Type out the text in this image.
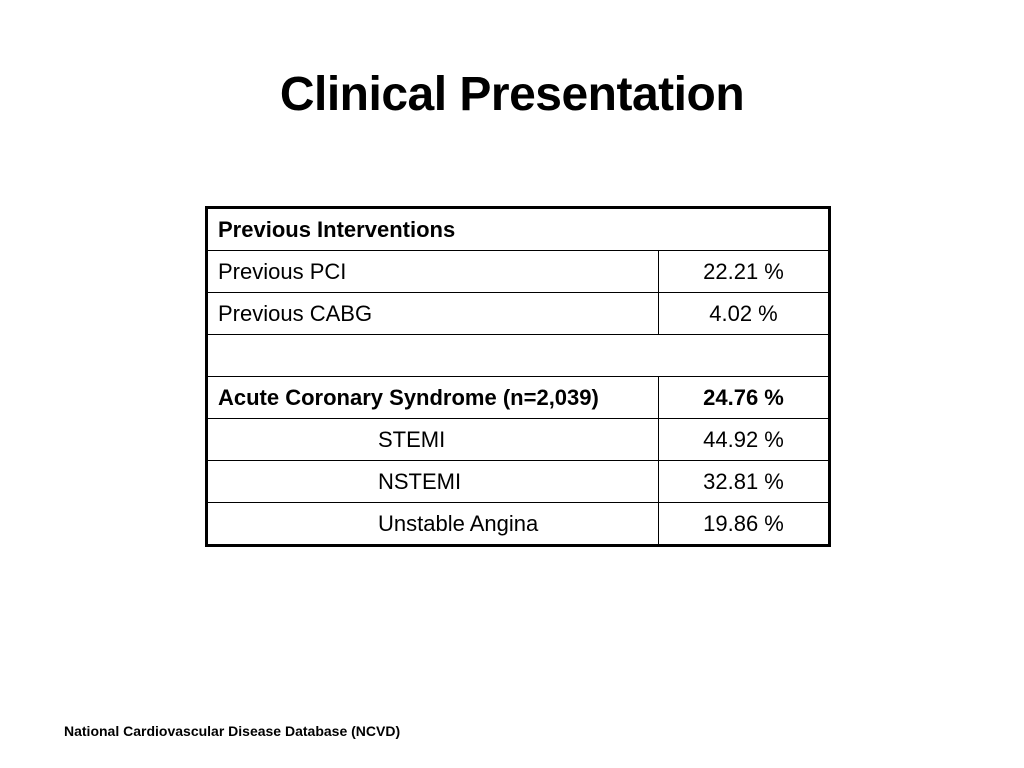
Clinical Presentation
Previous Interventions	
Previous PCI	22.21 %
Previous CABG	4.02 %

Acute Coronary Syndrome (n=2,039)	24.76 %
STEMI	44.92 %
NSTEMI	32.81 %
Unstable Angina	19.86 %
National Cardiovascular Disease Database (NCVD)
